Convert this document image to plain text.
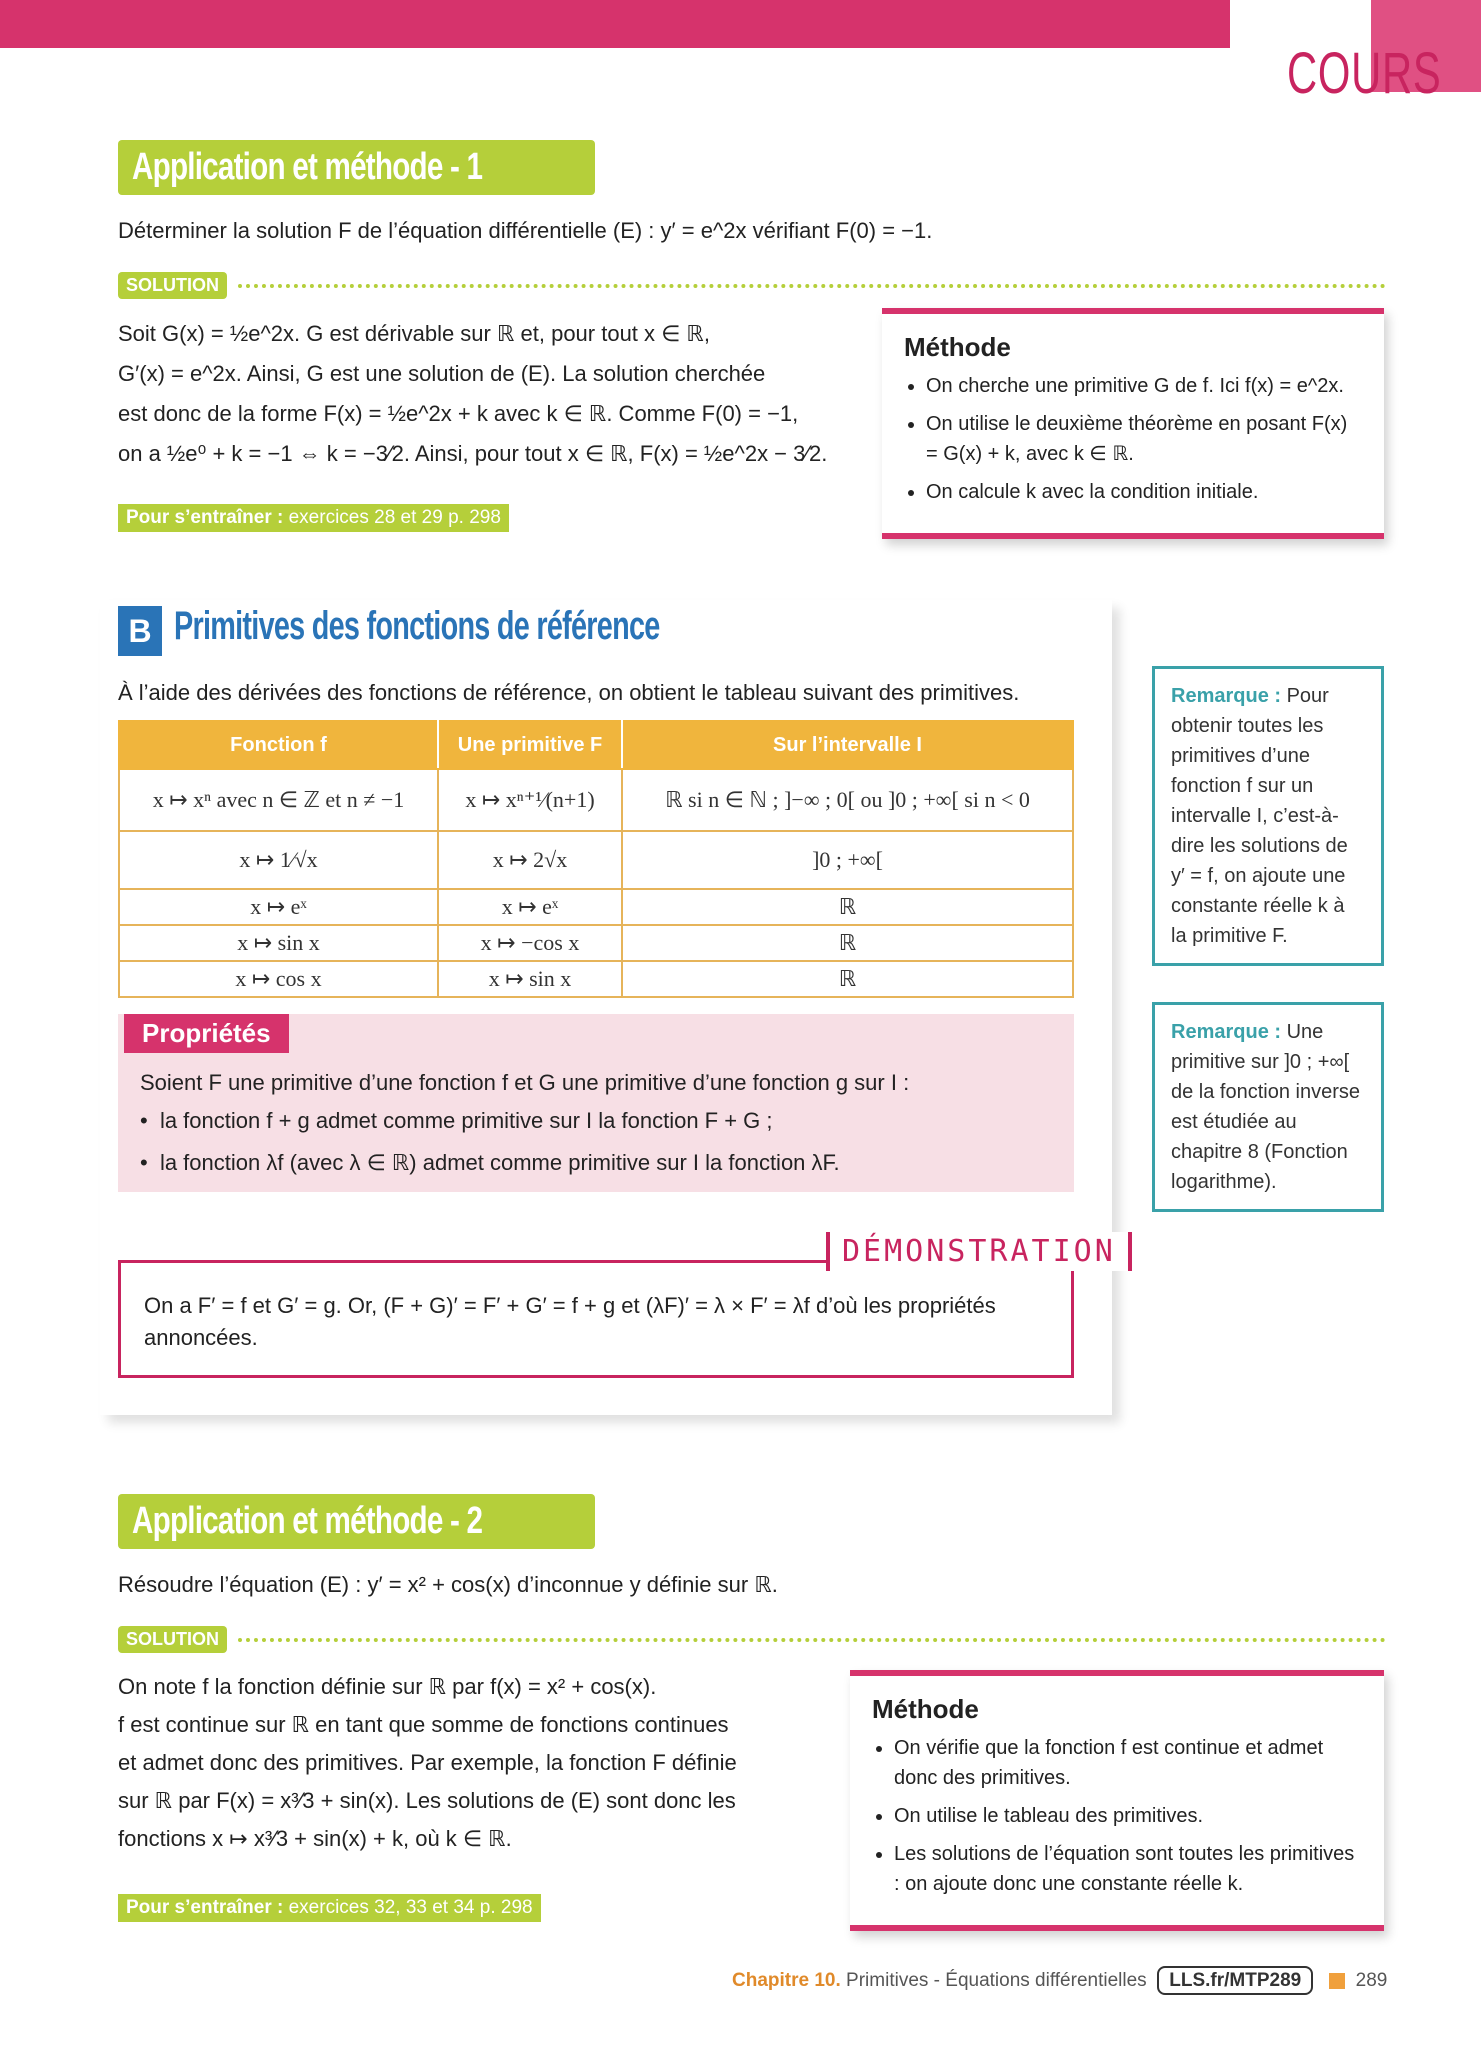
COURS
Application et méthode - 1
Déterminer la solution F de l’équation différentielle (E) : y′ = e^2x vérifiant F(0) = −1.
SOLUTION
Soit G(x) = ½e^2x. G est dérivable sur ℝ et, pour tout x ∈ ℝ,
G′(x) = e^2x. Ainsi, G est une solution de (E). La solution cherchée
est donc de la forme F(x) = ½e^2x + k avec k ∈ ℝ. Comme F(0) = −1,
on a ½e⁰ + k = −1 ⇔ k = −3⁄2. Ainsi, pour tout x ∈ ℝ, F(x) = ½e^2x − 3⁄2.
Pour s’entraîner : exercices 28 et 29 p. 298
Méthode
• On cherche une primitive G de f. Ici f(x) = e^2x.
• On utilise le deuxième théorème en posant F(x) = G(x) + k, avec k ∈ ℝ.
• On calcule k avec la condition initiale.
B Primitives des fonctions de référence
À l’aide des dérivées des fonctions de référence, on obtient le tableau suivant des primitives.
Fonction f	Une primitive F	Sur l’intervalle I
x ↦ xⁿ avec n ∈ ℤ et n ≠ −1	x ↦ xⁿ⁺¹⁄(n+1)	ℝ si n ∈ ℕ ; ]−∞ ; 0[ ou ]0 ; +∞[ si n < 0
x ↦ 1⁄√x	x ↦ 2√x	]0 ; +∞[
x ↦ eˣ	x ↦ eˣ	ℝ
x ↦ sin x	x ↦ −cos x	ℝ
x ↦ cos x	x ↦ sin x	ℝ
Propriétés
Soient F une primitive d’une fonction f et G une primitive d’une fonction g sur I :
•  la fonction f + g admet comme primitive sur I la fonction F + G ;
•  la fonction λf (avec λ ∈ ℝ) admet comme primitive sur I la fonction λF.
DÉMONSTRATION
On a F′ = f et G′ = g. Or, (F + G)′ = F′ + G′ = f + g et (λF)′ = λ × F′ = λf d’où les propriétés annoncées.
Remarque : Pour obtenir toutes les primitives d’une fonction f sur un intervalle I, c’est-à-dire les solutions de y′ = f, on ajoute une constante réelle k à la primitive F.
Remarque : Une primitive sur ]0 ; +∞[ de la fonction inverse est étudiée au chapitre 8 (Fonction logarithme).
Application et méthode - 2
Résoudre l’équation (E) : y′ = x² + cos(x) d’inconnue y définie sur ℝ.
SOLUTION
On note f la fonction définie sur ℝ par f(x) = x² + cos(x).
f est continue sur ℝ en tant que somme de fonctions continues
et admet donc des primitives. Par exemple, la fonction F définie
sur ℝ par F(x) = x³⁄3 + sin(x). Les solutions de (E) sont donc les
fonctions x ↦ x³⁄3 + sin(x) + k, où k ∈ ℝ.
Pour s’entraîner : exercices 32, 33 et 34 p. 298
Méthode
• On vérifie que la fonction f est continue et admet donc des primitives.
• On utilise le tableau des primitives.
• Les solutions de l’équation sont toutes les primitives : on ajoute donc une constante réelle k.
Chapitre 10. Primitives - Équations différentielles LLS.fr/MTP289	289
